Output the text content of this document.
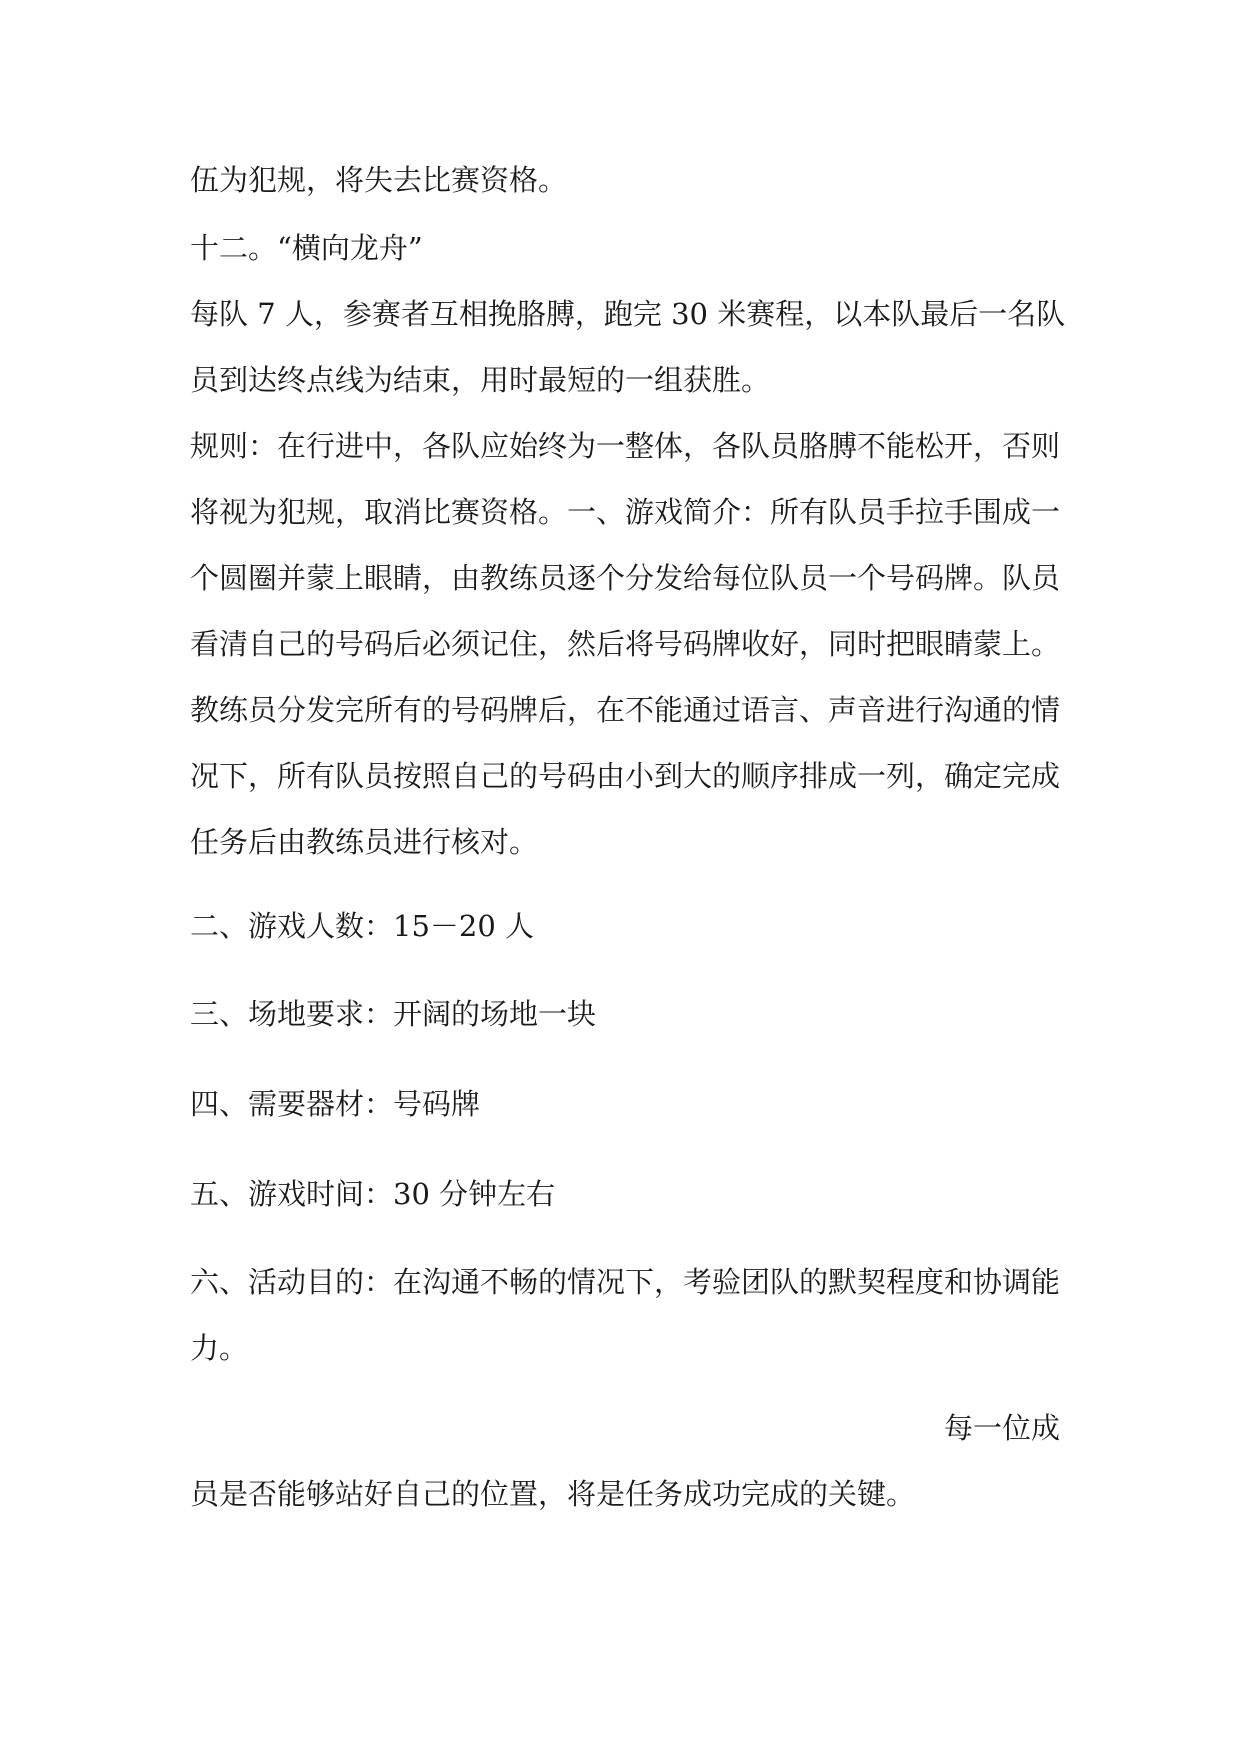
伍为犯规，将失去比赛资格。
十二。“横向龙舟”
每队 7 人，参赛者互相挽胳膊，跑完 30 米赛程，以本队最后一名队
员到达终点线为结束，用时最短的一组获胜。
规则：在行进中，各队应始终为一整体，各队员胳膊不能松开，否则
将视为犯规，取消比赛资格。一、游戏简介：所有队员手拉手围成一
个圆圈并蒙上眼睛，由教练员逐个分发给每位队员一个号码牌。队员
看清自己的号码后必须记住，然后将号码牌收好，同时把眼睛蒙上。
教练员分发完所有的号码牌后，在不能通过语言、声音进行沟通的情
况下，所有队员按照自己的号码由小到大的顺序排成一列，确定完成
任务后由教练员进行核对。
二、游戏人数：15－20 人
三、场地要求：开阔的场地一块
四、需要器材：号码牌
五、游戏时间：30 分钟左右
六、活动目的：在沟通不畅的情况下，考验团队的默契程度和协调能
力。
每一位成
员是否能够站好自己的位置，将是任务成功完成的关键。
